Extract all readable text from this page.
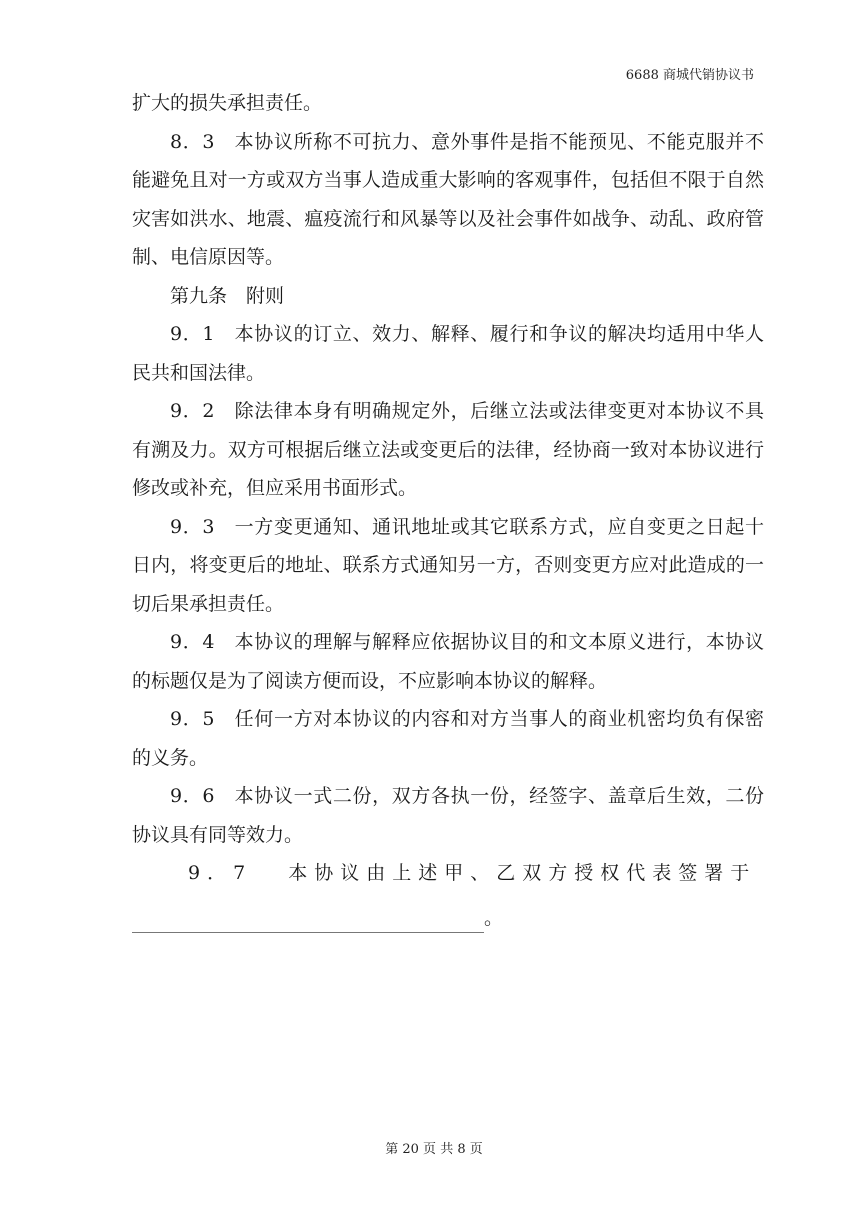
6688 商城代销协议书

扩大的损失承担责任。

8．3　本协议所称不可抗力、意外事件是指不能预见、不能克服并不能避免且对一方或双方当事人造成重大影响的客观事件，包括但不限于自然灾害如洪水、地震、瘟疫流行和风暴等以及社会事件如战争、动乱、政府管制、电信原因等。

第九条　附则

9．1　本协议的订立、效力、解释、履行和争议的解决均适用中华人民共和国法律。

9．2　除法律本身有明确规定外，后继立法或法律变更对本协议不具有溯及力。双方可根据后继立法或变更后的法律，经协商一致对本协议进行修改或补充，但应采用书面形式。

9．3　一方变更通知、通讯地址或其它联系方式，应自变更之日起十日内，将变更后的地址、联系方式通知另一方，否则变更方应对此造成的一切后果承担责任。

9．4　本协议的理解与解释应依据协议目的和文本原义进行，本协议的标题仅是为了阅读方便而设，不应影响本协议的解释。

9．5　任何一方对本协议的内容和对方当事人的商业机密均负有保密的义务。

9．6　本协议一式二份，双方各执一份，经签字、盖章后生效，二份协议具有同等效力。

9．7 本协议由上述甲、乙双方授权代表签署于

。
第 20 页 共 8 页
